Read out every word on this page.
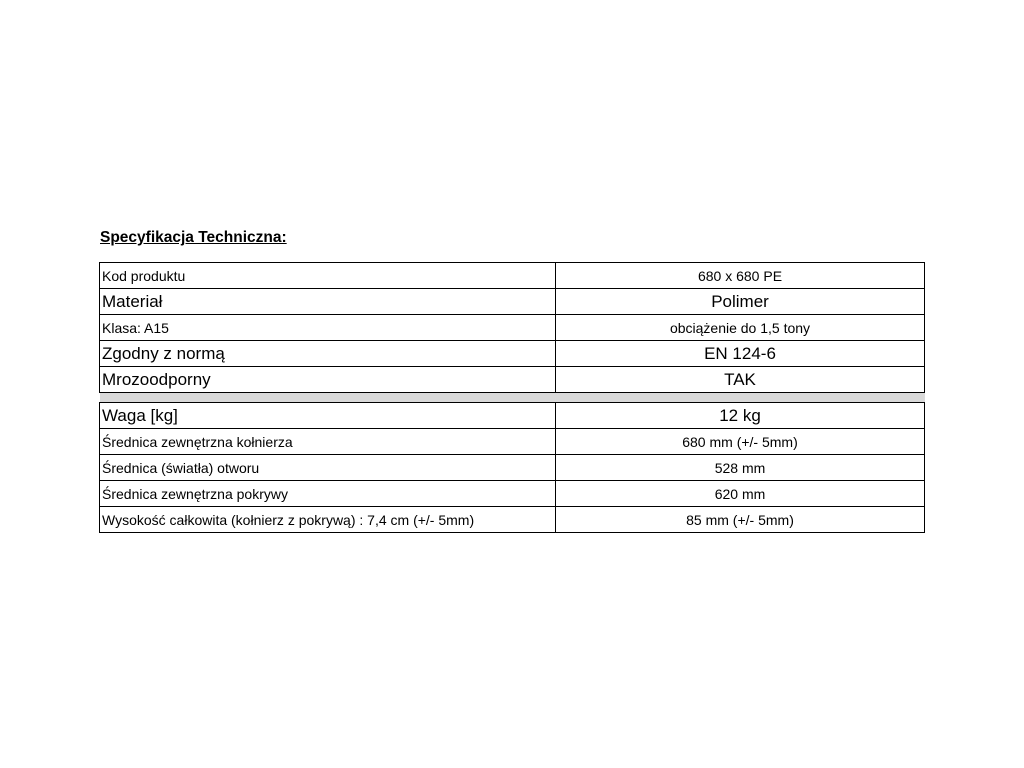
Specyfikacja Techniczna:
Kod produktu	680 x 680 PE
Materiał	Polimer
Klasa: A15	obciążenie do 1,5 tony
Zgodny z normą	EN 124-6
Mrozoodporny	TAK

Waga [kg]	12 kg
Średnica zewnętrzna kołnierza	680 mm (+/- 5mm)
Średnica (światła) otworu	528 mm
Średnica zewnętrzna pokrywy	620 mm
Wysokość całkowita (kołnierz z pokrywą) : 7,4 cm (+/- 5mm)	85 mm (+/- 5mm)
